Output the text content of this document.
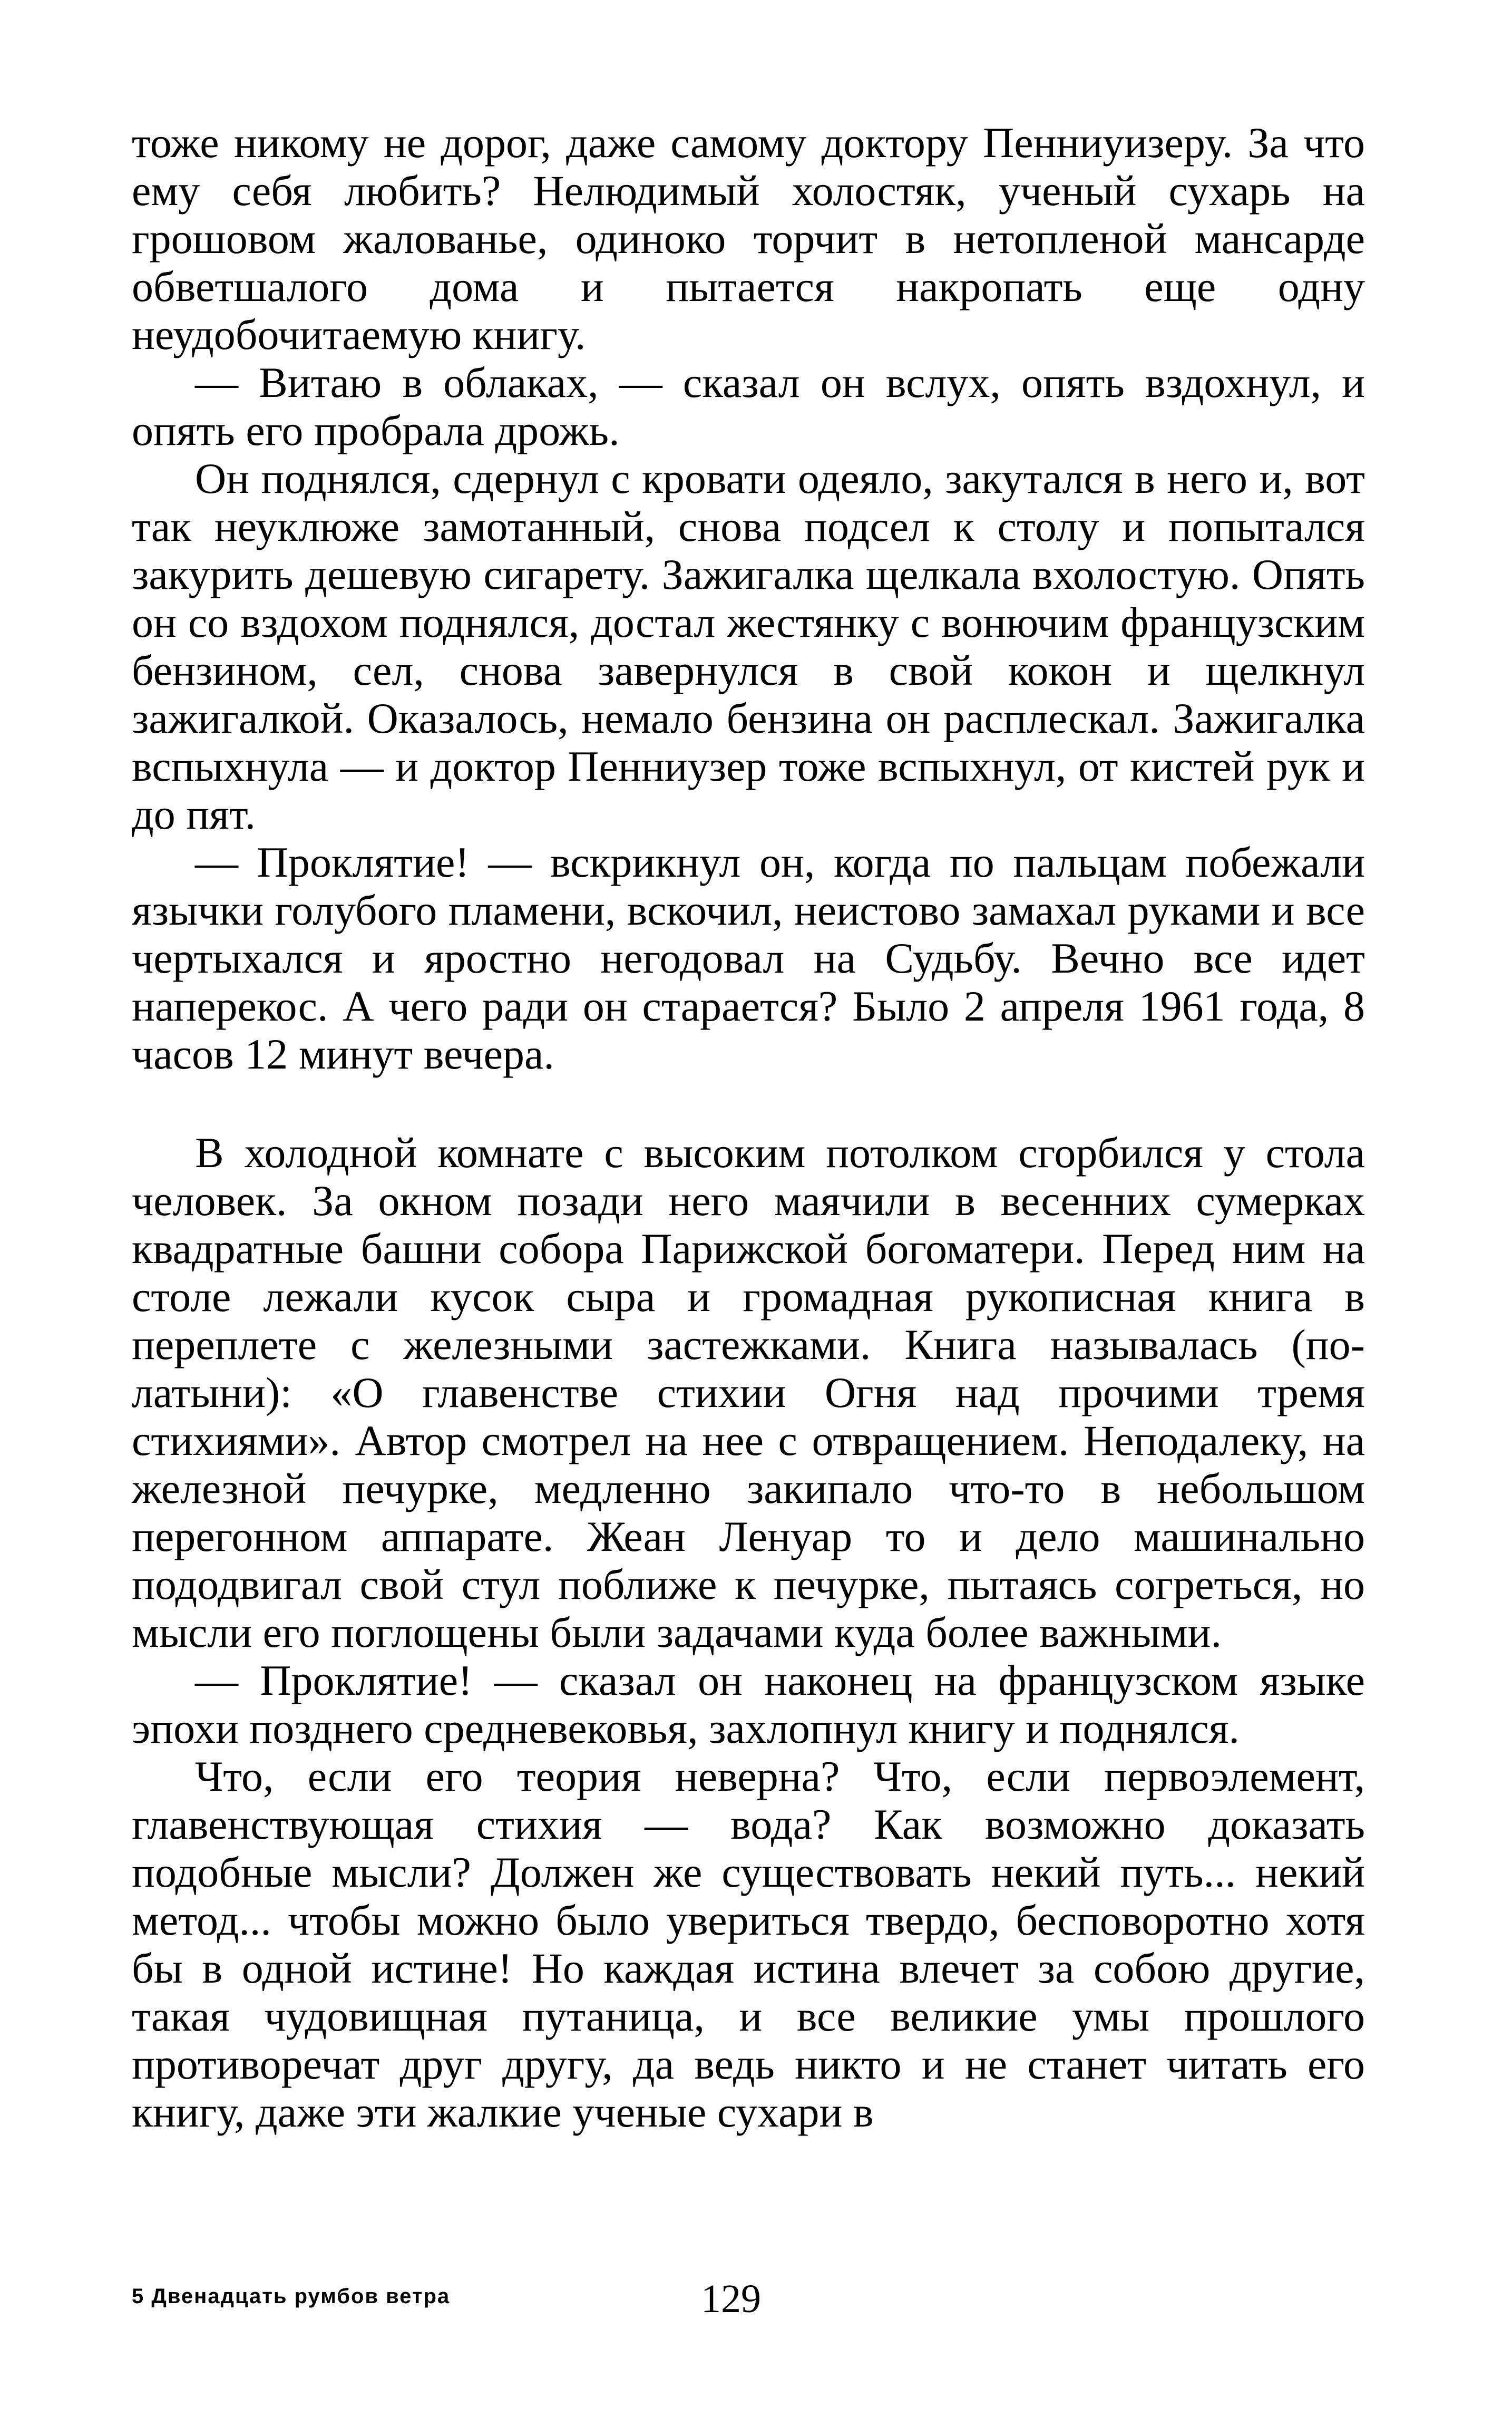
тоже никому не дорог, даже самому доктору Пенниуизеру. За что ему себя любить? Нелюдимый холостяк, ученый сухарь на грошовом жалованье, одиноко торчит в нетопленой мансарде обветшалого дома и пытается накропать еще одну неудобочитаемую книгу.

— Витаю в облаках, — сказал он вслух, опять вздохнул, и опять его пробрала дрожь.

Он поднялся, сдернул с кровати одеяло, закутался в него и, вот так неуклюже замотанный, снова подсел к столу и попытался закурить дешевую сигарету. Зажигалка щелкала вхолостую. Опять он со вздохом поднялся, достал жестянку с вонючим французским бензином, сел, снова завернулся в свой кокон и щелкнул зажигалкой. Оказалось, немало бензина он расплескал. Зажигалка вспыхнула — и доктор Пенниузер тоже вспыхнул, от кистей рук и до пят.

— Проклятие! — вскрикнул он, когда по пальцам побежали язычки голубого пламени, вскочил, неистово замахал руками и все чертыхался и яростно негодовал на Судьбу. Вечно все идет наперекос. А чего ради он старается? Было 2 апреля 1961 года, 8 часов 12 минут вечера.

В холодной комнате с высоким потолком сгорбился у стола человек. За окном позади него маячили в весенних сумерках квадратные башни собора Парижской богоматери. Перед ним на столе лежали кусок сыра и громадная рукописная книга в переплете с железными застежками. Книга называлась (по-латыни): «О главенстве стихии Огня над прочими тремя стихиями». Автор смотрел на нее с отвращением. Неподалеку, на железной печурке, медленно закипало что-то в небольшом перегонном аппарате. Жеан Ленуар то и дело машинально пододвигал свой стул поближе к печурке, пытаясь согреться, но мысли его поглощены были задачами куда более важными.

— Проклятие! — сказал он наконец на французском языке эпохи позднего средневековья, захлопнул книгу и поднялся.

Что, если его теория неверна? Что, если первоэлемент, главенствующая стихия — вода? Как возможно доказать подобные мысли? Должен же существовать некий путь... некий метод... чтобы можно было увериться твердо, бесповоротно хотя бы в одной истине! Но каждая истина влечет за собою другие, такая чудовищная путаница, и все великие умы прошлого противоречат друг другу, да ведь никто и не станет читать его книгу, даже эти жалкие ученые сухари в

5 Двенадцать румбов ветра	129
